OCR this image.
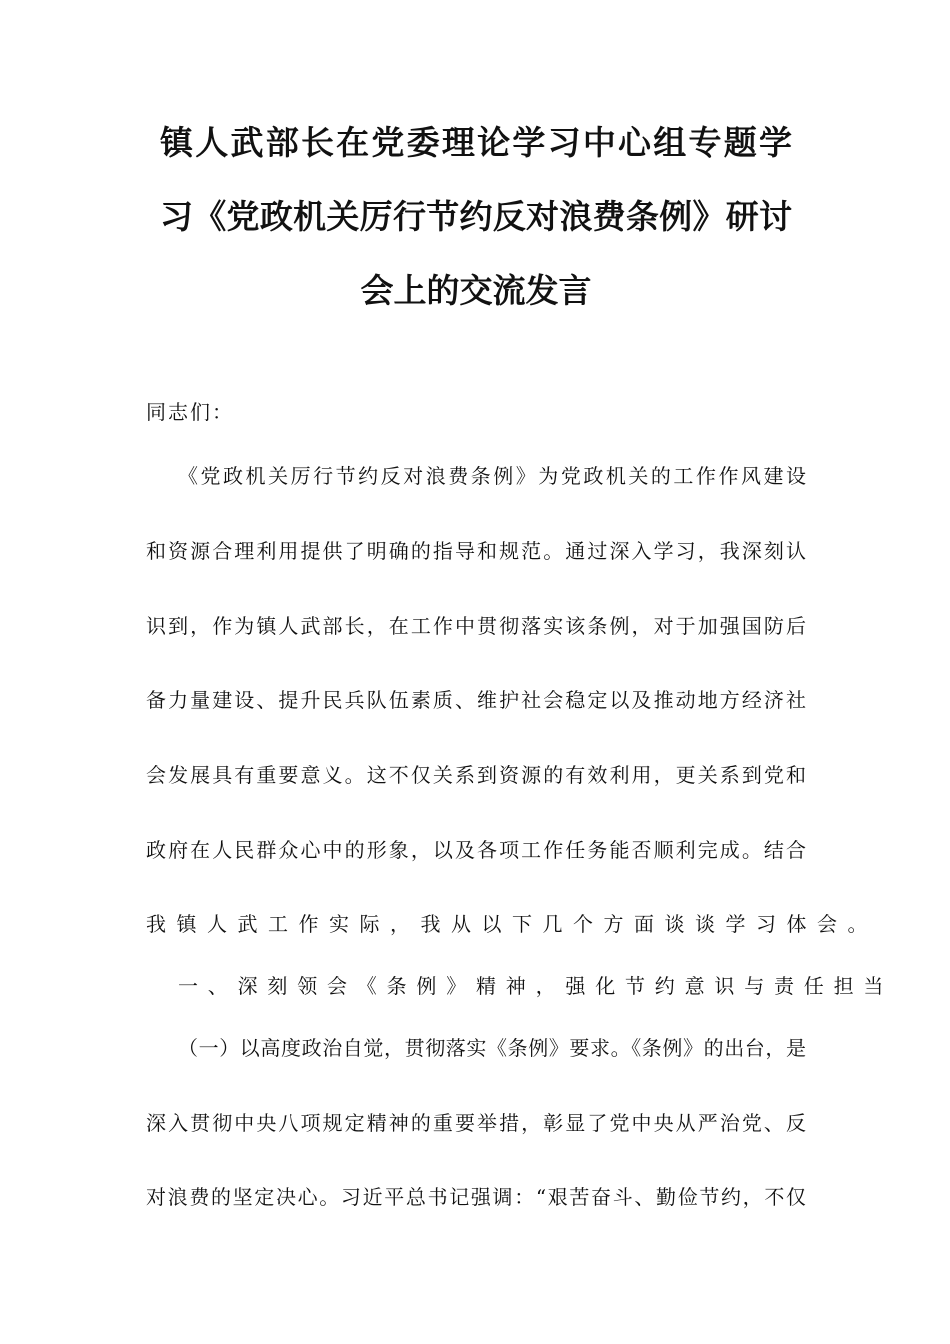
镇人武部长在党委理论学习中心组专题学
习《党政机关厉行节约反对浪费条例》研讨
会上的交流发言
同志们：
《党政机关厉行节约反对浪费条例》为党政机关的工作作风建设
和资源合理利用提供了明确的指导和规范。通过深入学习，我深刻认
识到，作为镇人武部长，在工作中贯彻落实该条例，对于加强国防后
备力量建设、提升民兵队伍素质、维护社会稳定以及推动地方经济社
会发展具有重要意义。这不仅关系到资源的有效利用，更关系到党和
政府在人民群众心中的形象，以及各项工作任务能否顺利完成。结合
我镇人武工作实际，我从以下几个方面谈谈学习体会。
一、深刻领会《条例》精神，强化节约意识与责任担当
（一）以高度政治自觉，贯彻落实《条例》要求。《条例》的出台，是
深入贯彻中央八项规定精神的重要举措，彰显了党中央从严治党、反
对浪费的坚定决心。习近平总书记强调：“艰苦奋斗、勤俭节约，不仅
